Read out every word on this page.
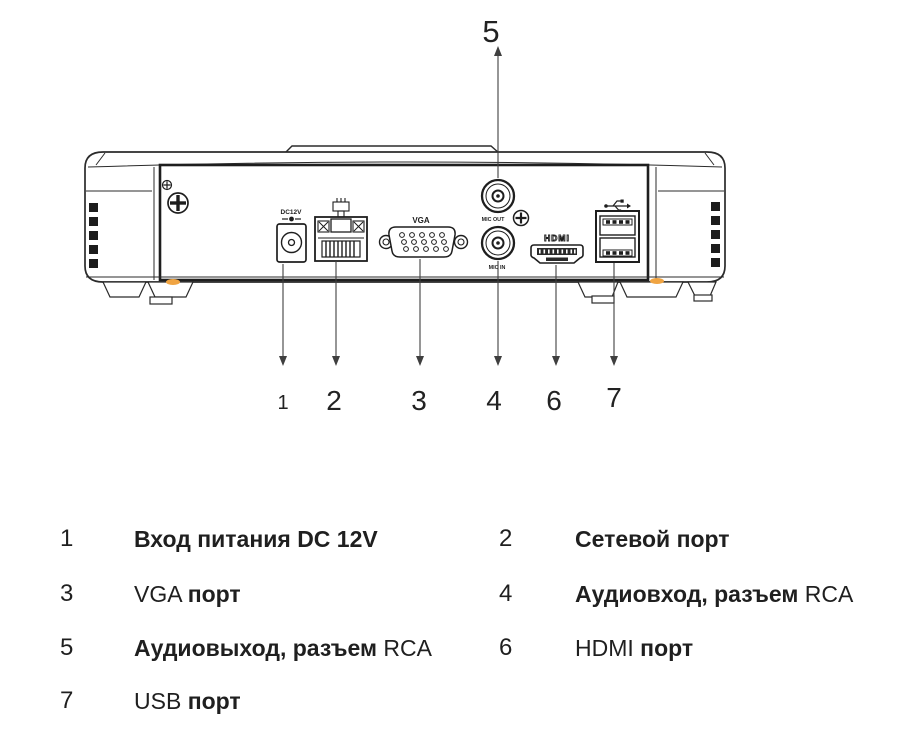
5
DC12V
VGA	MIC OUT
MIC IN
HDMI
1 2 3 4 6 7
1	Вход питания DC 12V	2	Сетевой порт
3	VGA порт	4	Аудиовход, разъем RCA
5	Аудиовыход, разъем RCA	6	HDMI порт
7	USB порт
